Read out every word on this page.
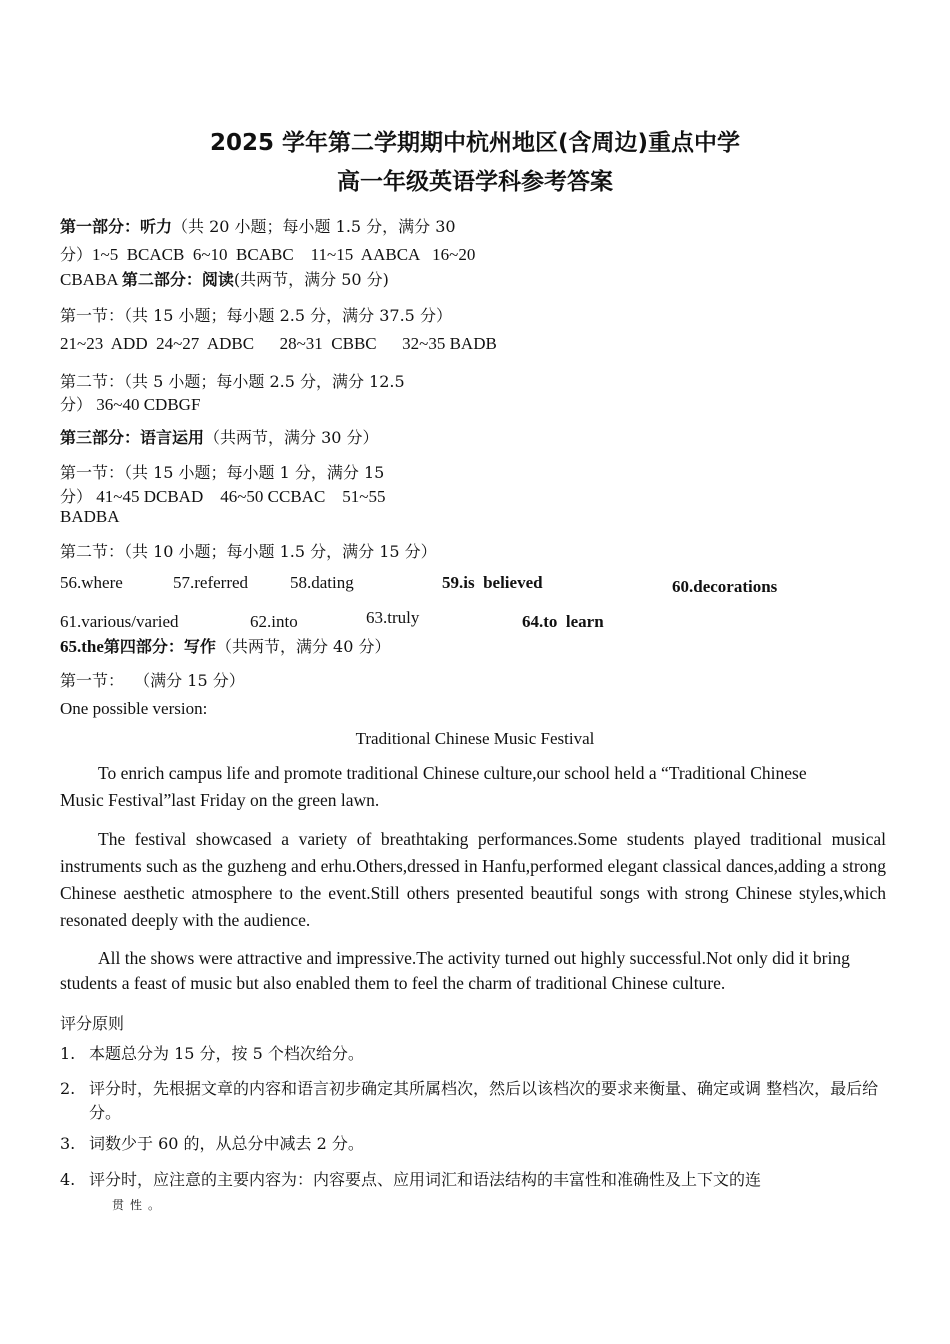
2025 学年第二学期期中杭州地区(含周边)重点中学
高一年级英语学科参考答案
第一部分：听力（共 20 小题；每小题 1.5 分，满分 30
分）1~5  BCACB  6~10  BCABC    11~15  AABCA   16~20
CBABA 第二部分：阅读(共两节，满分 50 分)
第一节：（共 15 小题；每小题 2.5 分，满分 37.5 分）
21~23  ADD  24~27  ADBC      28~31  CBBC      32~35 BADB
第二节：（共 5 小题；每小题 2.5 分，满分 12.5
分） 36~40 CDBGF
第三部分：语言运用（共两节，满分 30 分）
第一节：（共 15 小题；每小题 1 分，满分 15
分） 41~45 DCBAD    46~50 CCBAC    51~55
BADBA
第二节：（共 10 小题；每小题 1.5 分，满分 15 分）
56.where	57.referred 58.dating	59.is  believed	60.decorations
61.various/varied	62.into	63.truly	64.to  learn
65.the第四部分：写作（共两节，满分 40 分）
第一节：  （满分 15 分）
One possible version:
Traditional Chinese Music Festival
To enrich campus life and promote traditional Chinese culture,our school held a “Traditional Chinese Music Festival”last Friday on the green lawn.
The festival showcased a variety of breathtaking performances.Some students played traditional musical instruments such as the guzheng and erhu.Others,dressed in Hanfu,performed elegant classical dances,adding a strong Chinese aesthetic atmosphere to the event.Still others presented beautiful songs with strong Chinese styles,which resonated deeply with the audience.
All the shows were attractive and impressive.The activity turned out highly successful.Not only did it bring students a feast of music but also enabled them to feel the charm of traditional Chinese culture.
评分原则
1. 本题总分为 15 分，按 5 个档次给分。
2. 评分时，先根据文章的内容和语言初步确定其所属档次，然后以该档次的要求来衡量、确定或调 整档次，最后给分。
3. 词数少于 60 的，从总分中减去 2 分。
4. 评分时，应注意的主要内容为：内容要点、应用词汇和语法结构的丰富性和准确性及上下文的连
贯性。
